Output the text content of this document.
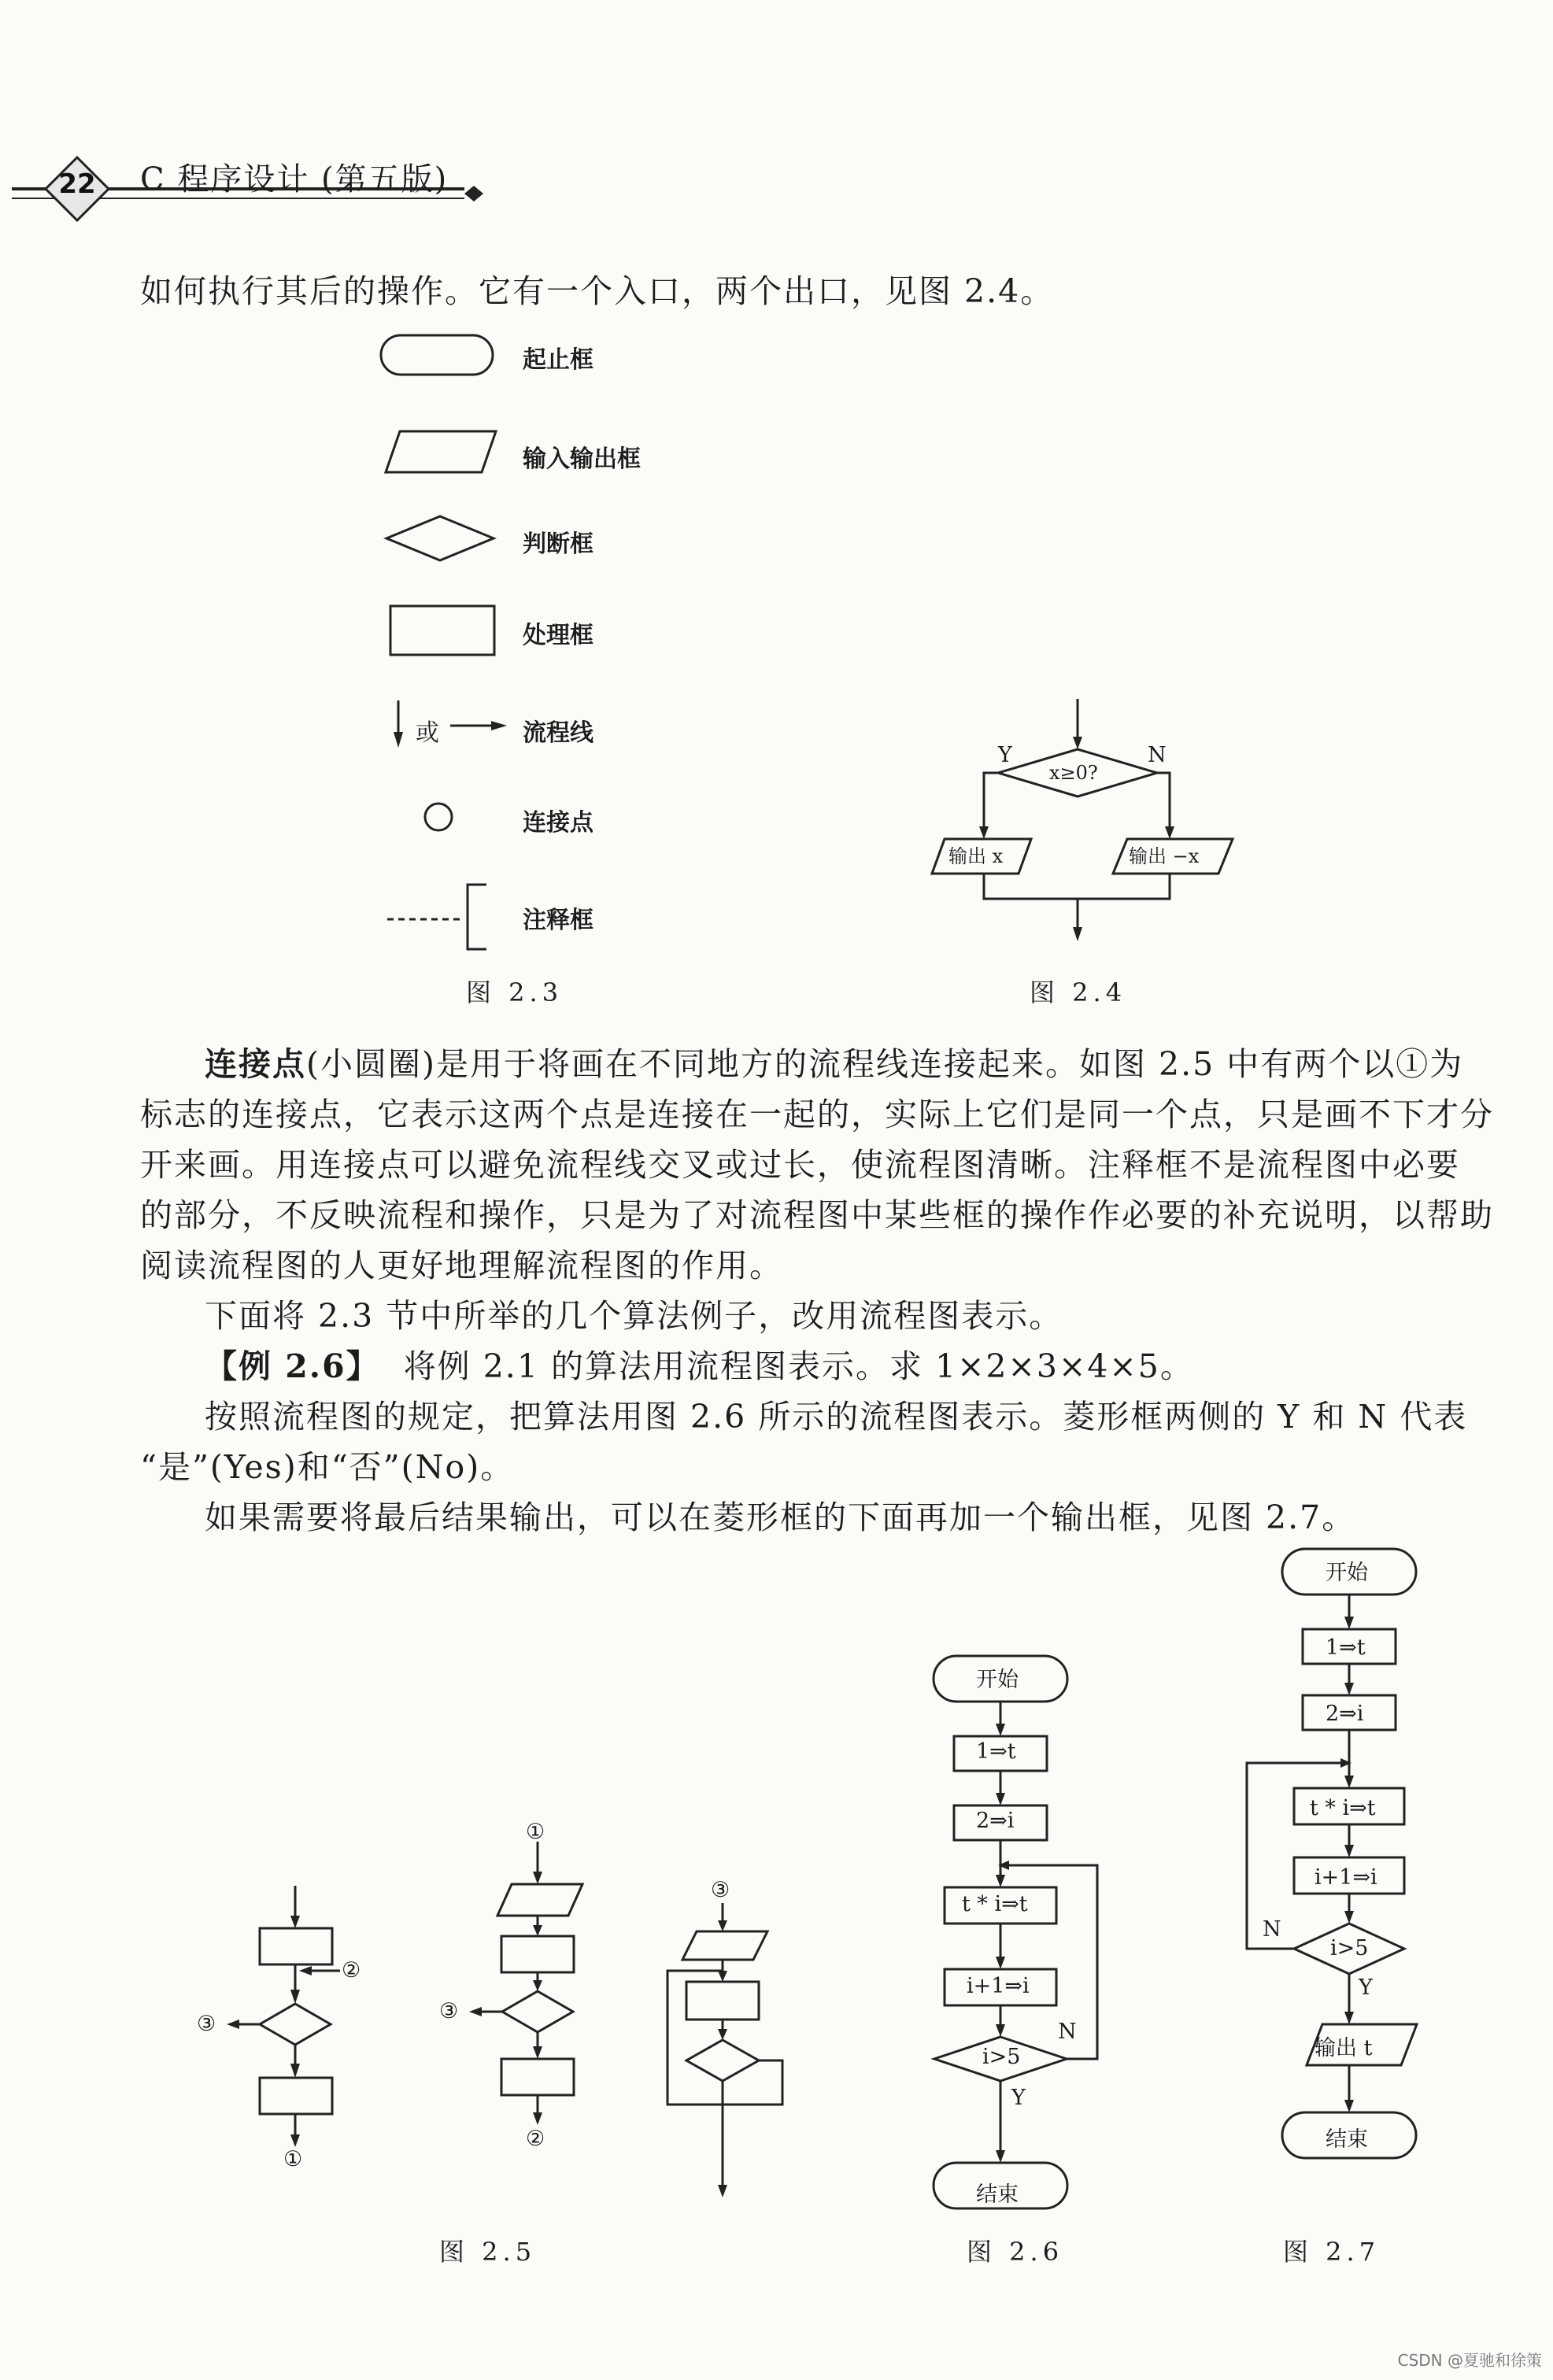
22 C 程序设计 (第五版)
如何执行其后的操作。它有一个入口，两个出口，见图 2.4。
起止框
输入输出框
判断框
处理框
或	流程线
连接点
注释框
图 2.3
x≥0?
Y	N
输出 x	输出 −x
图 2.4
连接点(小圆圈)是用于将画在不同地方的流程线连接起来。如图 2.5 中有两个以①为
标志的连接点，它表示这两个点是连接在一起的，实际上它们是同一个点，只是画不下才分
开来画。用连接点可以避免流程线交叉或过长，使流程图清晰。注释框不是流程图中必要
的部分，不反映流程和操作，只是为了对流程图中某些框的操作作必要的补充说明，以帮助
阅读流程图的人更好地理解流程图的作用。
下面将 2.3 节中所举的几个算法例子，改用流程图表示。
【例 2.6】 将例 2.1 的算法用流程图表示。求 1×2×3×4×5。
按照流程图的规定，把算法用图 2.6 所示的流程图表示。菱形框两侧的 Y 和 N 代表
“是”(Yes)和“否”(No)。
如果需要将最后结果输出，可以在菱形框的下面再加一个输出框，见图 2.7。
②
③
①
①
③
②
③
图 2.5
开始
1⇒t
2⇒i
t * i⇒t
i+1⇒i
i>5
N
Y
结束
图 2.6
开始
1⇒t
2⇒i
t * i⇒t
i+1⇒i
i>5
N
Y
输出 t
结束
图 2.7
CSDN @夏驰和徐策
